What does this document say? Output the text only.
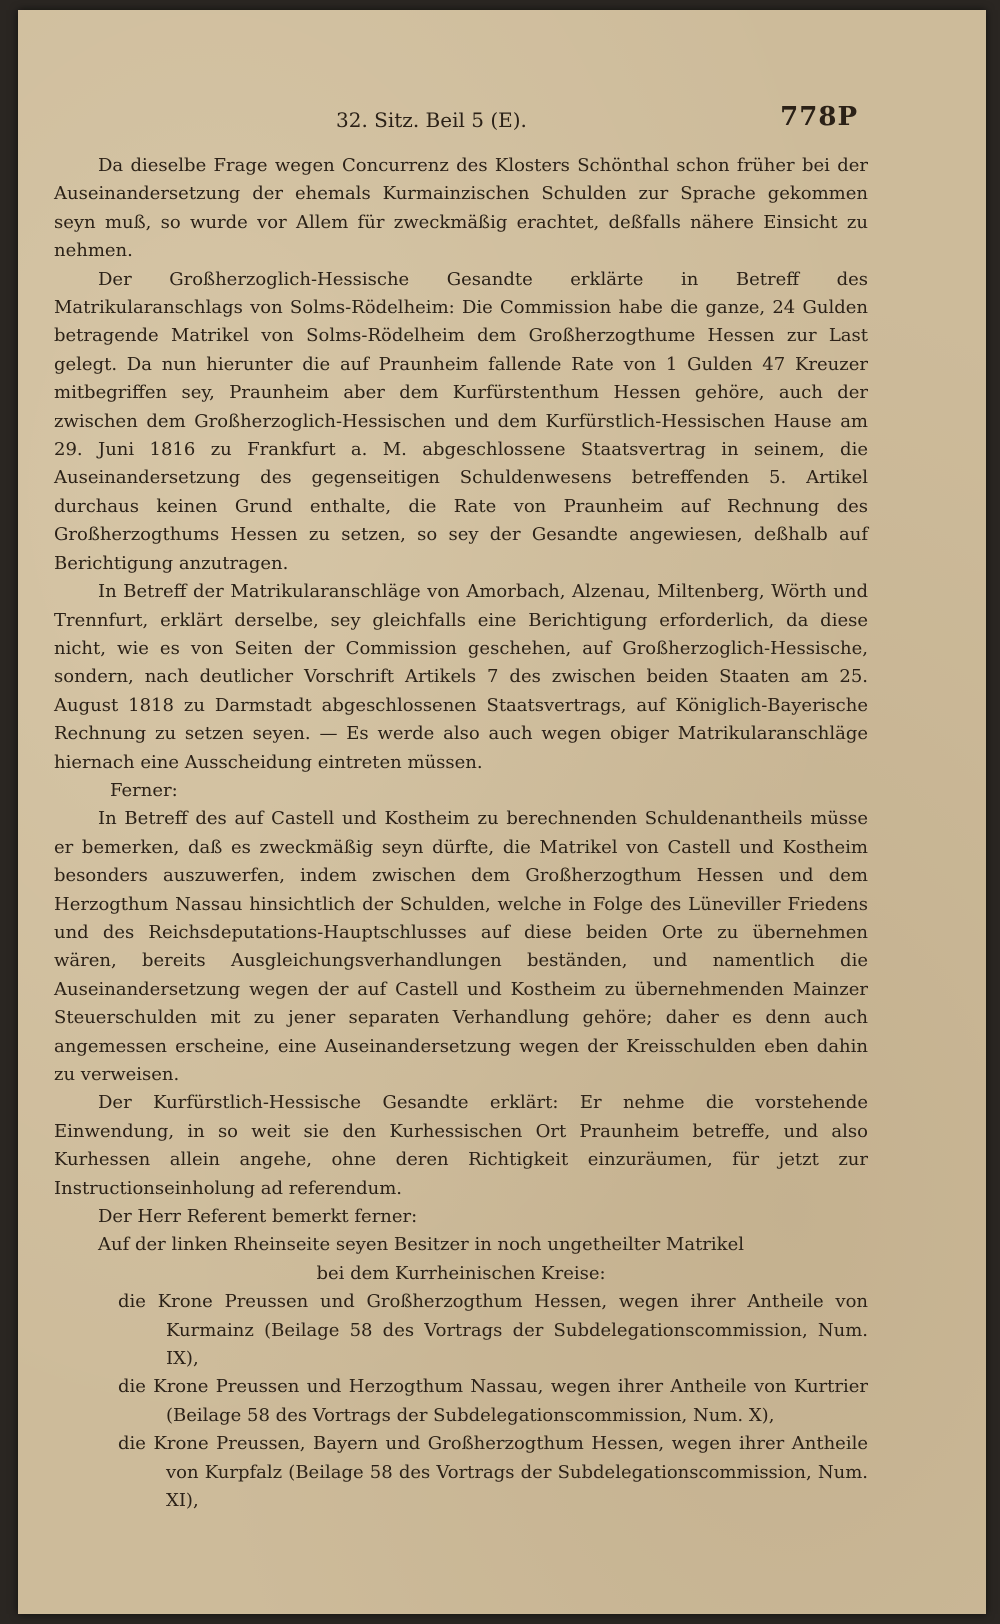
32. Sitz. Beil 5 (E).	778P

Da dieselbe Frage wegen Concurrenz des Klosters Schönthal schon früher bei der Auseinandersetzung der ehemals Kurmainzischen Schulden zur Sprache gekommen seyn muß, so wurde vor Allem für zweckmäßig erachtet, deßfalls nähere Einsicht zu nehmen.

Der Großherzoglich-Hessische Gesandte erklärte in Betreff des Matrikularanschlags von Solms-Rödelheim: Die Commission habe die ganze, 24 Gulden betragende Matrikel von Solms-Rödelheim dem Großherzogthume Hessen zur Last gelegt. Da nun hierunter die auf Praunheim fallende Rate von 1 Gulden 47 Kreuzer mitbegriffen sey, Praunheim aber dem Kurfürstenthum Hessen gehöre, auch der zwischen dem Großherzoglich-Hessischen und dem Kurfürstlich-Hessischen Hause am 29. Juni 1816 zu Frankfurt a. M. abgeschlossene Staatsvertrag in seinem, die Auseinandersetzung des gegenseitigen Schuldenwesens betreffenden 5. Artikel durchaus keinen Grund enthalte, die Rate von Praunheim auf Rechnung des Großherzogthums Hessen zu setzen, so sey der Gesandte angewiesen, deßhalb auf Berichtigung anzutragen.

In Betreff der Matrikularanschläge von Amorbach, Alzenau, Miltenberg, Wörth und Trennfurt, erklärt derselbe, sey gleichfalls eine Berichtigung erforderlich, da diese nicht, wie es von Seiten der Commission geschehen, auf Großherzoglich-Hessische, sondern, nach deutlicher Vorschrift Artikels 7 des zwischen beiden Staaten am 25. August 1818 zu Darmstadt abgeschlossenen Staatsvertrags, auf Königlich-Bayerische Rechnung zu setzen seyen. — Es werde also auch wegen obiger Matrikularanschläge hiernach eine Ausscheidung eintreten müssen.

Ferner:

In Betreff des auf Castell und Kostheim zu berechnenden Schuldenantheils müsse er bemerken, daß es zweckmäßig seyn dürfte, die Matrikel von Castell und Kostheim besonders auszuwerfen, indem zwischen dem Großherzogthum Hessen und dem Herzogthum Nassau hinsichtlich der Schulden, welche in Folge des Lüneviller Friedens und des Reichsdeputations-Hauptschlusses auf diese beiden Orte zu übernehmen wären, bereits Ausgleichungsverhandlungen beständen, und namentlich die Auseinandersetzung wegen der auf Castell und Kostheim zu übernehmenden Mainzer Steuerschulden mit zu jener separaten Verhandlung gehöre; daher es denn auch angemessen erscheine, eine Auseinandersetzung wegen der Kreisschulden eben dahin zu verweisen.

Der Kurfürstlich-Hessische Gesandte erklärt: Er nehme die vorstehende Einwendung, in so weit sie den Kurhessischen Ort Praunheim betreffe, und also Kurhessen allein angehe, ohne deren Richtigkeit einzuräumen, für jetzt zur Instructionseinholung ad referendum.

Der Herr Referent bemerkt ferner:

Auf der linken Rheinseite seyen Besitzer in noch ungetheilter Matrikel

bei dem Kurrheinischen Kreise:

die Krone Preussen und Großherzogthum Hessen, wegen ihrer Antheile von Kurmainz (Beilage 58 des Vortrags der Subdelegationscommission, Num. IX),

die Krone Preussen und Herzogthum Nassau, wegen ihrer Antheile von Kurtrier (Beilage 58 des Vortrags der Subdelegationscommission, Num. X),

die Krone Preussen, Bayern und Großherzogthum Hessen, wegen ihrer Antheile von Kurpfalz (Beilage 58 des Vortrags der Subdelegationscommission, Num. XI),
